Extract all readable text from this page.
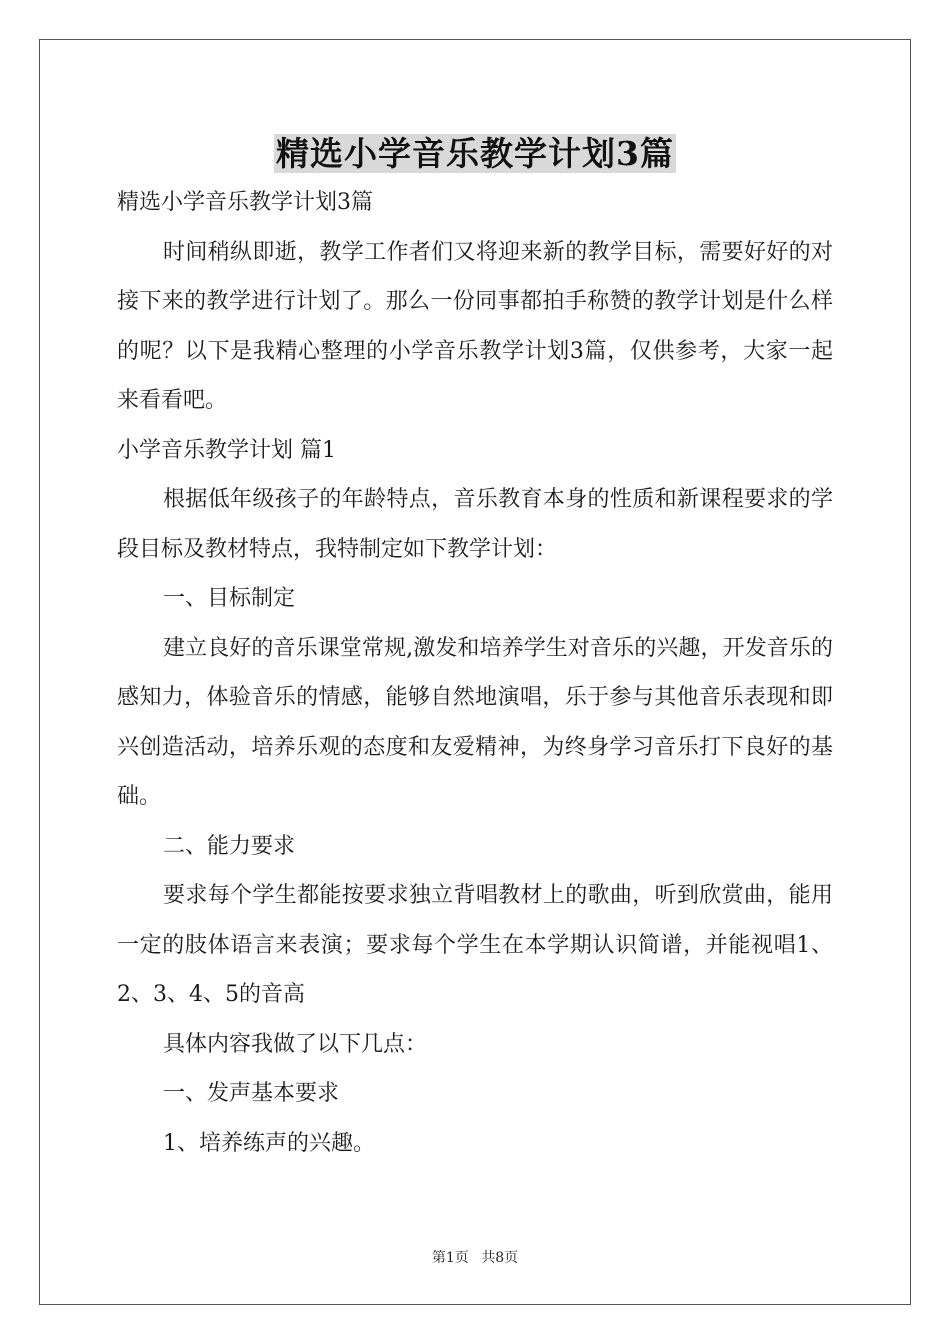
精选小学音乐教学计划3篇

精选小学音乐教学计划3篇

时间稍纵即逝，教学工作者们又将迎来新的教学目标，需要好好的对接下来的教学进行计划了。那么一份同事都拍手称赞的教学计划是什么样的呢？以下是我精心整理的小学音乐教学计划3篇，仅供参考，大家一起来看看吧。

小学音乐教学计划 篇1

根据低年级孩子的年龄特点，音乐教育本身的性质和新课程要求的学段目标及教材特点，我特制定如下教学计划：

一、目标制定

建立良好的音乐课堂常规,激发和培养学生对音乐的兴趣，开发音乐的感知力，体验音乐的情感，能够自然地演唱，乐于参与其他音乐表现和即兴创造活动，培养乐观的态度和友爱精神，为终身学习音乐打下良好的基础。

二、能力要求

要求每个学生都能按要求独立背唱教材上的歌曲，听到欣赏曲，能用一定的肢体语言来表演；要求每个学生在本学期认识简谱，并能视唱1、2、3、4、5的音高

具体内容我做了以下几点：

一、发声基本要求

1、培养练声的兴趣。

第1页 共8页
